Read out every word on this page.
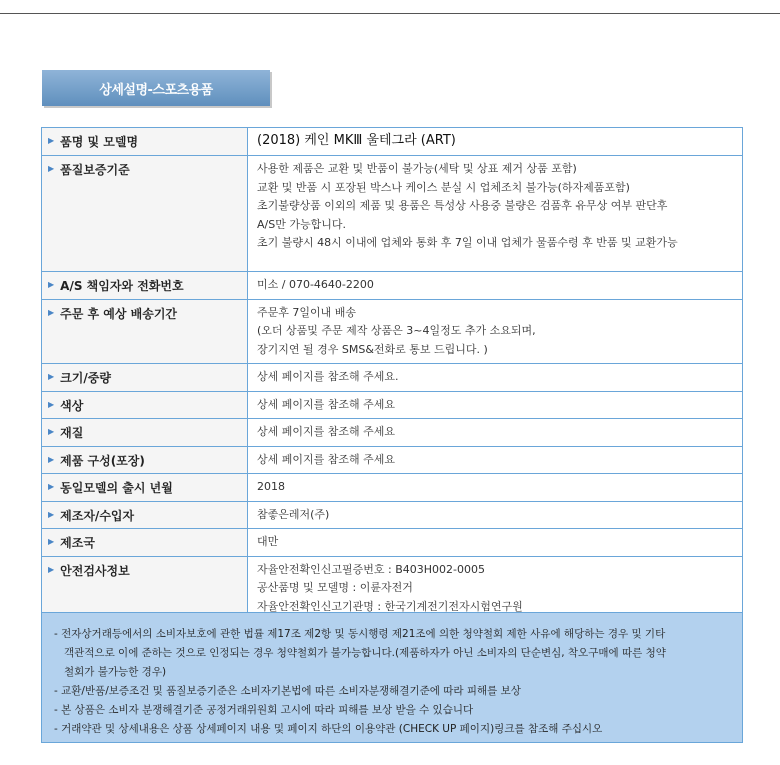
상세설명-스포츠용품
▶ 품명 및 모델명	(2018) 케인 MKⅢ 울테그라 (ART)
▶ 품질보증기준	사용한 제품은 교환 및 반품이 불가능(세탁 및 상표 제거 상품 포함)
교환 및 반품 시 포장된 박스나 케이스 분실 시 업체조치 불가능(하자제품포함)
초기불량상품 이외의 제품 및 용품은 특성상 사용중 불량은 검품후 유무상 여부 판단후
A/S만 가능합니다.
초기 불량시 48시 이내에 업체와 통화 후 7일 이내 업체가 물품수령 후 반품 및 교환가능
▶ A/S 책임자와 전화번호	미소 / 070-4640-2200
▶ 주문 후 예상 배송기간	주문후 7일이내 배송
(오더 상품및 주문 제작 상품은 3~4일정도 추가 소요되며,
장기지연 될 경우 SMS&전화로 통보 드립니다. )
▶ 크기/중량	상세 페이지를 참조해 주세요.
▶ 색상	상세 페이지를 참조해 주세요
▶ 재질	상세 페이지를 참조해 주세요
▶ 제품 구성(포장)	상세 페이지를 참조해 주세요
▶ 동일모델의 출시 년월	2018
▶ 제조자/수입자	참좋은레저(주)
▶ 제조국	대만
▶ 안전검사정보	자율안전확인신고필증번호 : B403H002-0005
공산품명 및 모델명 : 이륜자전거
자율안전확인신고기관명 : 한국기계전기전자시험연구원

- 전자상거래등에서의 소비자보호에 관한 법률 제17조 제2항 및 동시행령 제21조에 의한 청약철회 제한 사유에 해당하는 경우 및 기타

객관적으로 이에 준하는 것으로 인정되는 경우 청약철회가 불가능합니다.(제품하자가 아닌 소비자의 단순변심, 착오구매에 따른 청약

철회가 불가능한 경우)

- 교환/반품/보증조건 및 품질보증기준은 소비자기본법에 따른 소비자분쟁해결기준에 따라 피해를 보상

- 본 상품은 소비자 분쟁해결기준 공정거래위원회 고시에 따라 피해를 보상 받을 수 있습니다

- 거래약관 및 상세내용은 상품 상세페이지 내용 및 페이지 하단의 이용약관 (CHECK UP 페이지)링크를 참조해 주십시오
